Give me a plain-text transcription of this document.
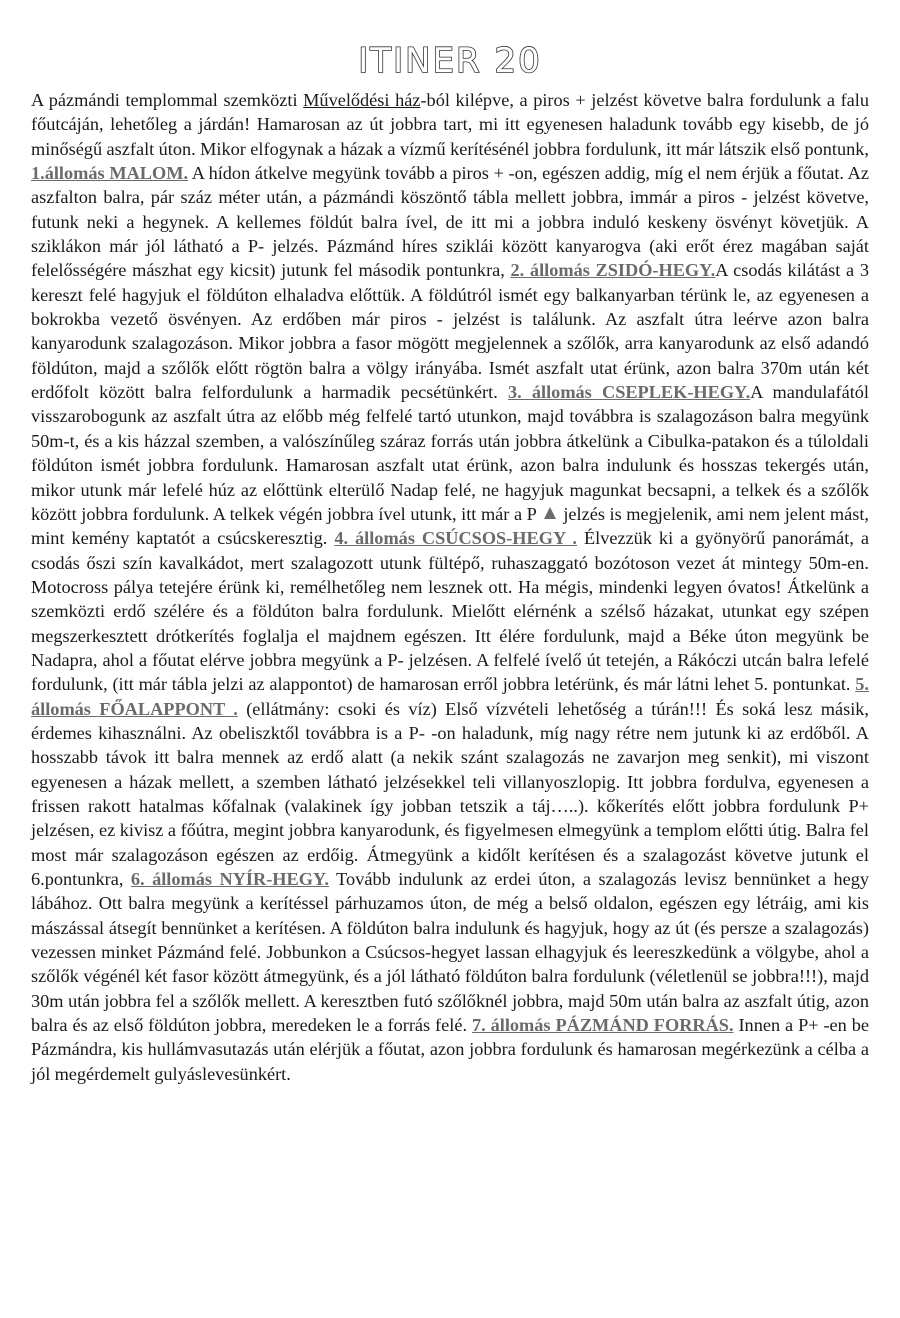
ITINER 20
A pázmándi templommal szemközti Művelődési ház-ból kilépve, a piros + jelzést követve balra fordulunk a falu főutcáján, lehetőleg a járdán! Hamarosan az út jobbra tart, mi itt egyenesen haladunk tovább egy kisebb, de jó minőségű aszfalt úton. Mikor elfogynak a házak a vízmű kerítésénél jobbra fordulunk, itt már látszik első pontunk, 1.állomás MALOM. A hídon átkelve megyünk tovább a piros + -on, egészen addig, míg el nem érjük a főutat. Az aszfalton balra, pár száz méter után, a pázmándi köszöntő tábla mellett jobbra, immár a piros - jelzést követve, futunk neki a hegynek. A kellemes földút balra ível, de itt mi a jobbra induló keskeny ösvényt követjük. A sziklákon már jól látható a P- jelzés. Pázmánd híres sziklái között kanyarogva (aki erőt érez magában saját felelősségére mászhat egy kicsit) jutunk fel második pontunkra, 2. állomás ZSIDÓ-HEGY.A csodás kilátást a 3 kereszt felé hagyjuk el földúton elhaladva előttük. A földútról ismét egy balkanyarban térünk le, az egyenesen a bokrokba vezető ösvényen. Az erdőben már piros - jelzést is találunk. Az aszfalt útra leérve azon balra kanyarodunk szalagozáson. Mikor jobbra a fasor mögött megjelennek a szőlők, arra kanyarodunk az első adandó földúton, majd a szőlők előtt rögtön balra a völgy irányába. Ismét aszfalt utat érünk, azon balra 370m után két erdőfolt között balra felfordulunk a harmadik pecsétünkért. 3. állomás CSEPLEK-HEGY.A mandulafától visszarobogunk az aszfalt útra az előbb még felfelé tartó utunkon, majd továbbra is szalagozáson balra megyünk 50m-t, és a kis házzal szemben, a valószínűleg száraz forrás után jobbra átkelünk a Cibulka-patakon és a túloldali földúton ismét jobbra fordulunk. Hamarosan aszfalt utat érünk, azon balra indulunk és hosszas tekergés után, mikor utunk már lefelé húz az előttünk elterülő Nadap felé, ne hagyjuk magunkat becsapni, a telkek és a szőlők között jobbra fordulunk. A telkek végén jobbra ível utunk, itt már a P  jelzés is megjelenik, ami nem jelent mást, mint kemény kaptatót a csúcskeresztig. 4. állomás CSÚCSOS-HEGY . Élvezzük ki a gyönyörű panorámát, a csodás őszi szín kavalkádot, mert szalagozott utunk fültépő, ruhaszaggató bozótoson vezet át mintegy 50m-en. Motocross pálya tetejére érünk ki, remélhetőleg nem lesznek ott. Ha mégis, mindenki legyen óvatos! Átkelünk a szemközti erdő szélére és a földúton balra fordulunk. Mielőtt elérnénk a szélső házakat, utunkat egy szépen megszerkesztett drótkerítés foglalja el majdnem egészen. Itt élére fordulunk, majd a Béke úton megyünk be Nadapra, ahol a főutat elérve jobbra megyünk a P- jelzésen. A felfelé ívelő út tetején, a Rákóczi utcán balra lefelé fordulunk, (itt már tábla jelzi az alappontot) de hamarosan erről jobbra letérünk, és már látni lehet 5. pontunkat. 5. állomás FŐALAPPONT . (ellátmány: csoki és víz) Első vízvételi lehetőség a túrán!!! És soká lesz másik, érdemes kihasználni. Az obeliszktől továbbra is a P- -on haladunk, míg nagy rétre nem jutunk ki az erdőből. A hosszabb távok itt balra mennek az erdő alatt (a nekik szánt szalagozás ne zavarjon meg senkit), mi viszont egyenesen a házak mellett, a szemben látható jelzésekkel teli villanyoszlopig. Itt jobbra fordulva, egyenesen a frissen rakott hatalmas kőfalnak (valakinek így jobban tetszik a táj…..). kőkerítés előtt jobbra fordulunk P+ jelzésen, ez kivisz a főútra, megint jobbra kanyarodunk, és figyelmesen elmegyünk a templom előtti útig. Balra fel most már szalagozáson egészen az erdőig. Átmegyünk a kidőlt kerítésen és a szalagozást követve jutunk el 6.pontunkra, 6. állomás NYÍR-HEGY. Tovább indulunk az erdei úton, a szalagozás levisz bennünket a hegy lábához. Ott balra megyünk a kerítéssel párhuzamos úton, de még a belső oldalon, egészen egy létráig, ami kis mászással átsegít bennünket a kerítésen. A földúton balra indulunk és hagyjuk, hogy az út (és persze a szalagozás) vezessen minket Pázmánd felé. Jobbunkon a Csúcsos-hegyet lassan elhagyjuk és leereszkedünk a völgybe, ahol a szőlők végénél két fasor között átmegyünk, és a jól látható földúton balra fordulunk (véletlenül se jobbra!!!), majd 30m után jobbra fel a szőlők mellett. A keresztben futó szőlőknél jobbra, majd 50m után balra az aszfalt útig, azon balra és az első földúton jobbra, meredeken le a forrás felé. 7. állomás PÁZMÁND FORRÁS. Innen a P+ -en be Pázmándra, kis hullámvasutazás után elérjük a főutat, azon jobbra fordulunk és hamarosan megérkezünk a célba a jól megérdemelt gulyáslevesünkért.
